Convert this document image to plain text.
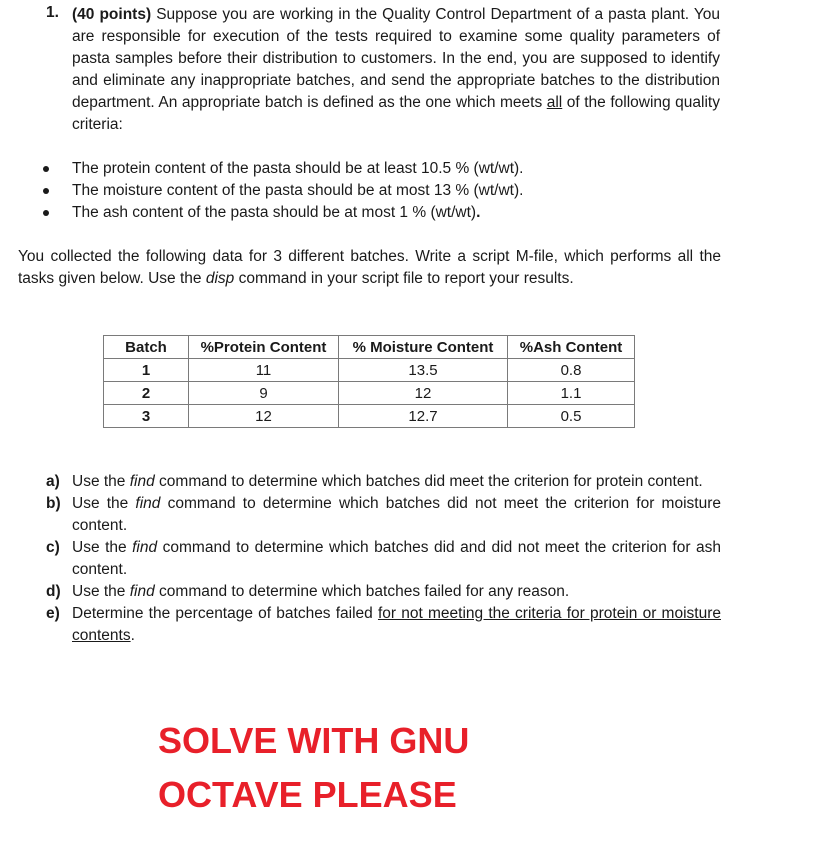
1. (40 points) Suppose you are working in the Quality Control Department of a pasta plant. You are responsible for execution of the tests required to examine some quality parameters of pasta samples before their distribution to customers. In the end, you are supposed to identify and eliminate any inappropriate batches, and send the appropriate batches to the distribution department. An appropriate batch is defined as the one which meets all of the following quality criteria:
The protein content of the pasta should be at least 10.5 % (wt/wt).
The moisture content of the pasta should be at most 13 % (wt/wt).
The ash content of the pasta should be at most 1 % (wt/wt).
You collected the following data for 3 different batches. Write a script M-file, which performs all the tasks given below. Use the disp command in your script file to report your results.
Batch	%Protein Content	% Moisture Content	%Ash Content
1	11	13.5	0.8
2	9	12	1.1
3	12	12.7	0.5
a) Use the find command to determine which batches did meet the criterion for protein content.
b) Use the find command to determine which batches did not meet the criterion for moisture content.
c) Use the find command to determine which batches did and did not meet the criterion for ash content.
d) Use the find command to determine which batches failed for any reason.
e) Determine the percentage of batches failed for not meeting the criteria for protein or moisture contents.
SOLVE WITH GNU
OCTAVE PLEASE
